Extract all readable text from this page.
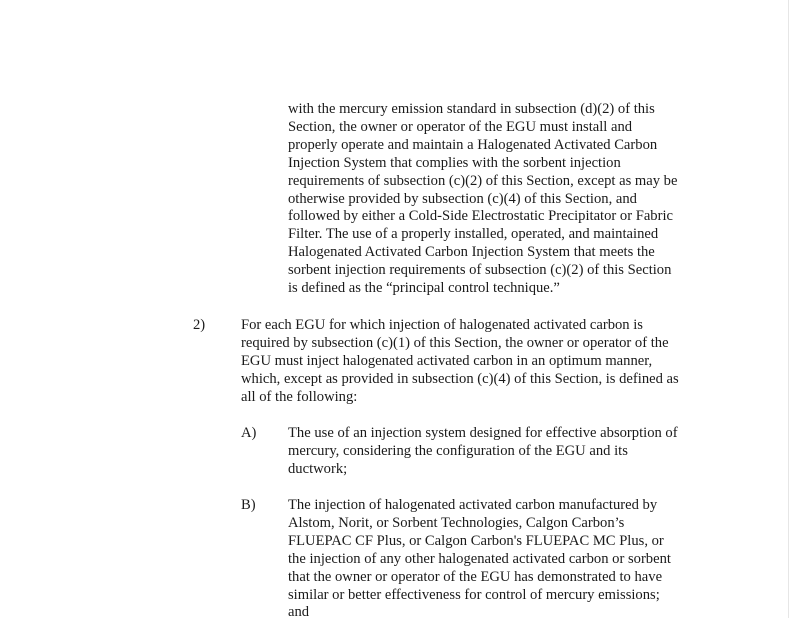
with the mercury emission standard in subsection (d)(2) of this
Section, the owner or operator of the EGU must install and
properly operate and maintain a Halogenated Activated Carbon
Injection System that complies with the sorbent injection
requirements of subsection (c)(2) of this Section, except as may be
otherwise provided by subsection (c)(4) of this Section, and
followed by either a Cold-Side Electrostatic Precipitator or Fabric
Filter. The use of a properly installed, operated, and maintained
Halogenated Activated Carbon Injection System that meets the
sorbent injection requirements of subsection (c)(2) of this Section
is defined as the “principal control technique.”
2) For each EGU for which injection of halogenated activated carbon is
required by subsection (c)(1) of this Section, the owner or operator of the
EGU must inject halogenated activated carbon in an optimum manner,
which, except as provided in subsection (c)(4) of this Section, is defined as
all of the following:
A) The use of an injection system designed for effective absorption of
mercury, considering the configuration of the EGU and its
ductwork;
B) The injection of halogenated activated carbon manufactured by
Alstom, Norit, or Sorbent Technologies, Calgon Carbon’s
FLUEPAC CF Plus, or Calgon Carbon's FLUEPAC MC Plus, or
the injection of any other halogenated activated carbon or sorbent
that the owner or operator of the EGU has demonstrated to have
similar or better effectiveness for control of mercury emissions;
and
